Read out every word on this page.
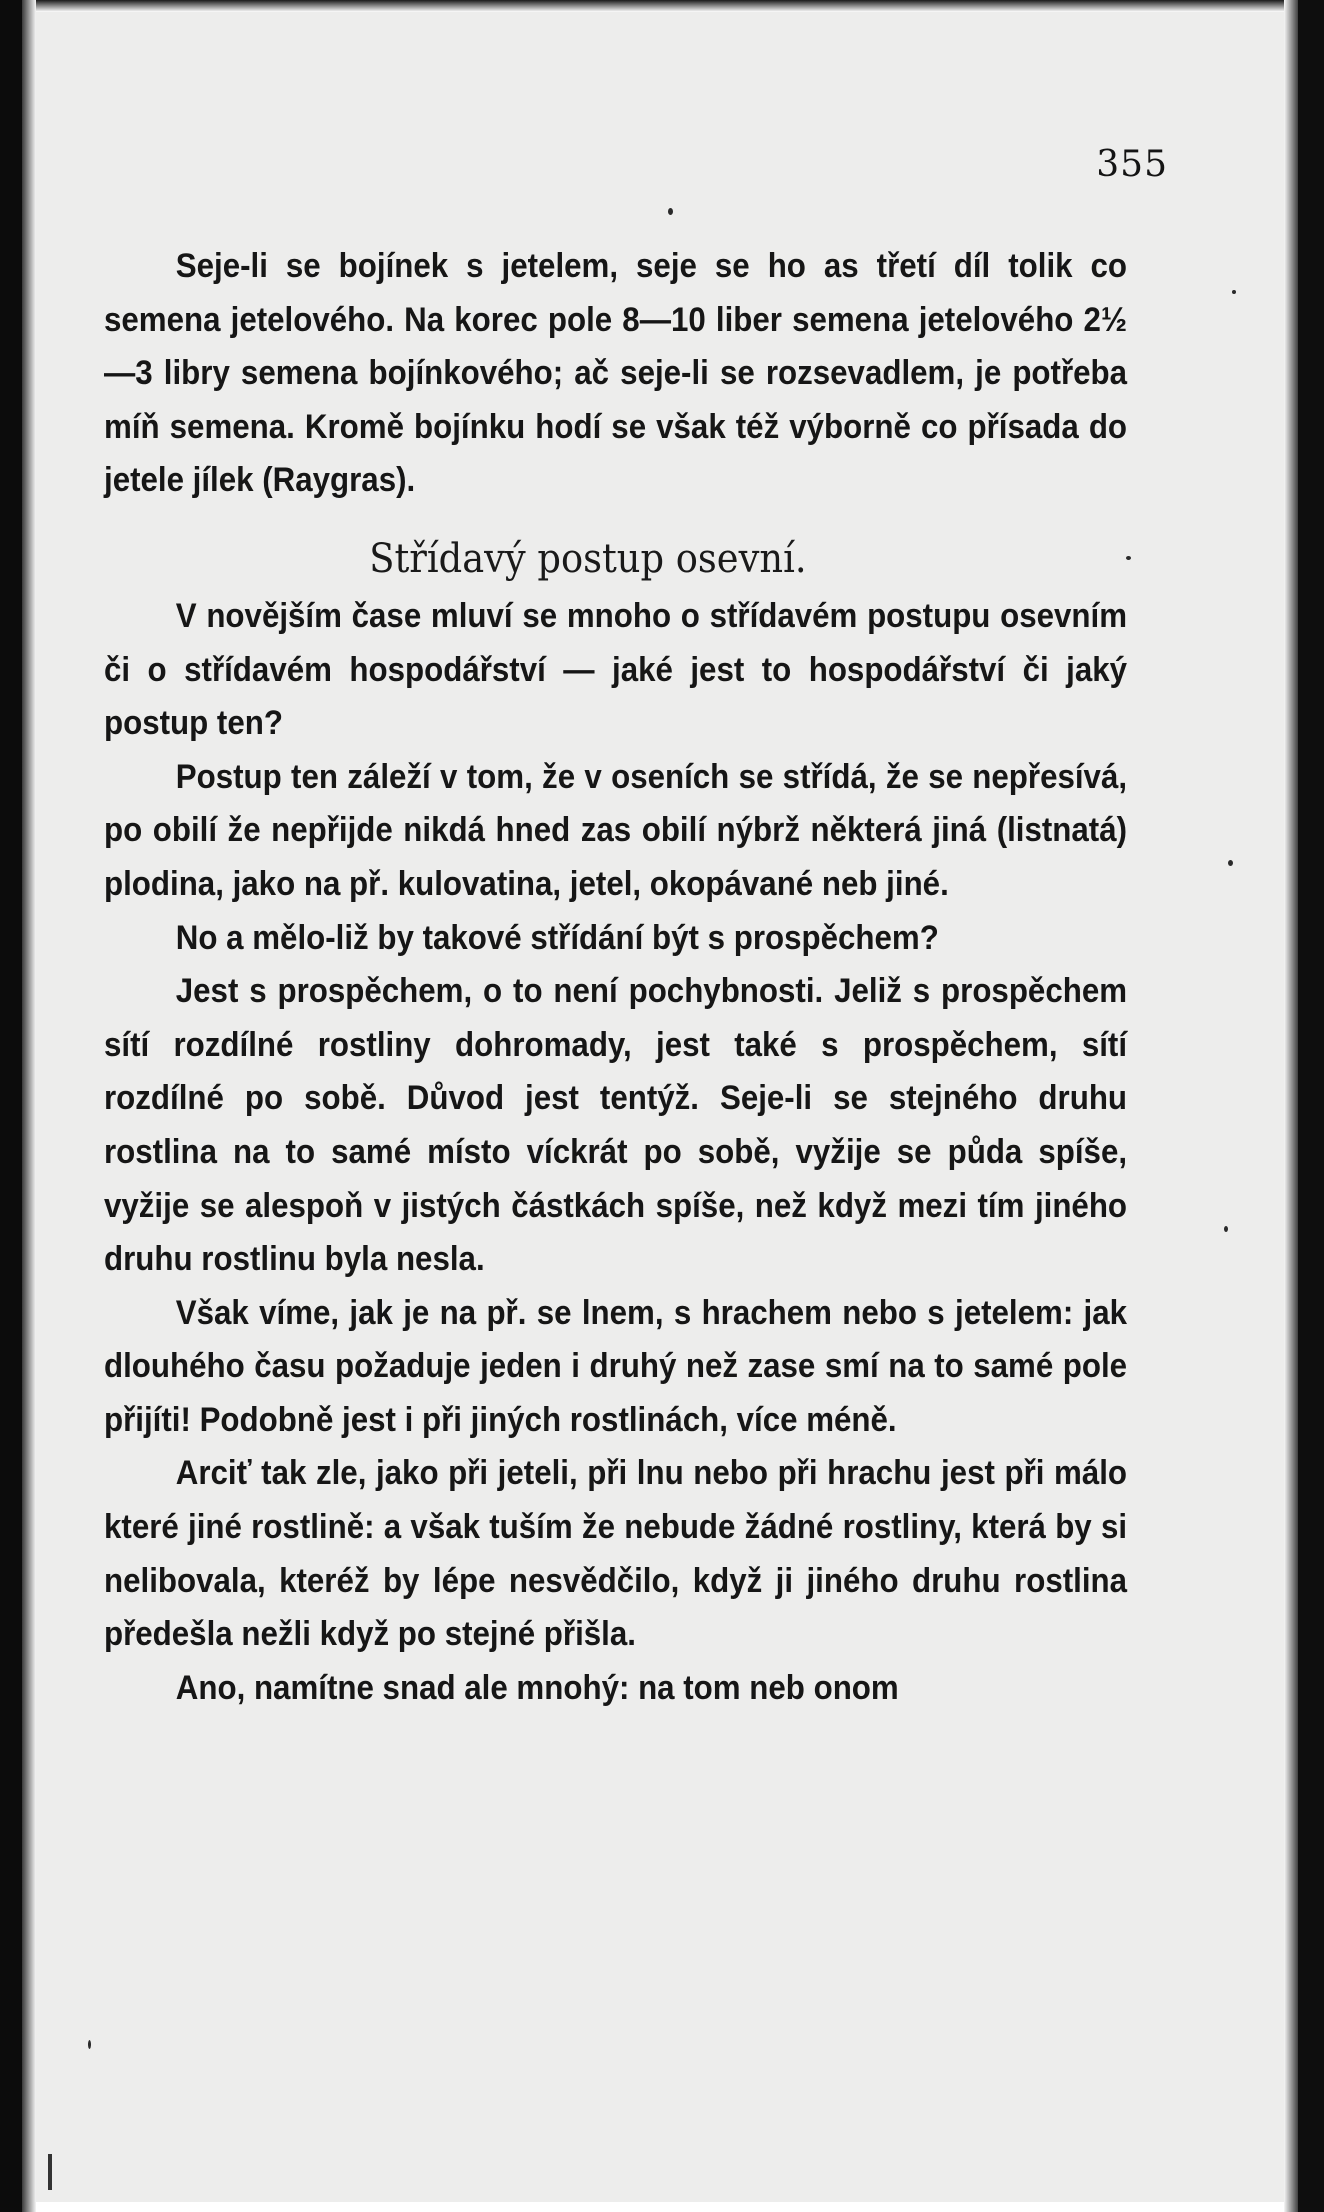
355

Seje-li se bojínek s jetelem, seje se ho as třetí díl tolik co semena jetelového. Na korec pole 8—10 liber semena jetelového 2½—3 libry semena bojínkového; ač seje-li se rozsevadlem, je potřeba míň semena. Kromě bojínku hodí se však též výborně co přísada do jetele jílek (Raygras).

Střídavý postup osevní.

V novějším čase mluví se mnoho o střídavém postupu osevním či o střídavém hospodářství — jaké jest to hospodářství či jaký postup ten?

Postup ten záleží v tom, že v oseních se střídá, že se nepřesívá, po obilí že nepřijde nikdá hned zas obilí nýbrž některá jiná (listnatá) plodina, jako na př. kulovatina, jetel, okopávané neb jiné.

No a mělo-liž by takové střídání být s prospěchem?

Jest s prospěchem, o to není pochybnosti. Jeliž s prospěchem sítí rozdílné rostliny dohromady, jest také s prospěchem, sítí rozdílné po sobě. Důvod jest tentýž. Seje-li se stejného druhu rostlina na to samé místo víckrát po sobě, vyžije se půda spíše, vyžije se alespoň v jistých částkách spíše, než když mezi tím jiného druhu rostlinu byla nesla.

Však víme, jak je na př. se lnem, s hrachem nebo s jetelem: jak dlouhého času požaduje jeden i druhý než zase smí na to samé pole přijíti! Podobně jest i při jiných rostlinách, více méně.

Arciť tak zle, jako při jeteli, při lnu nebo při hrachu jest při málo které jiné rostlině: a však tuším že nebude žádné rostliny, která by si nelibovala, kteréž by lépe nesvědčilo, když ji jiného druhu rostlina předešla nežli když po stejné přišla.

Ano, namítne snad ale mnohý: na tom neb onom
